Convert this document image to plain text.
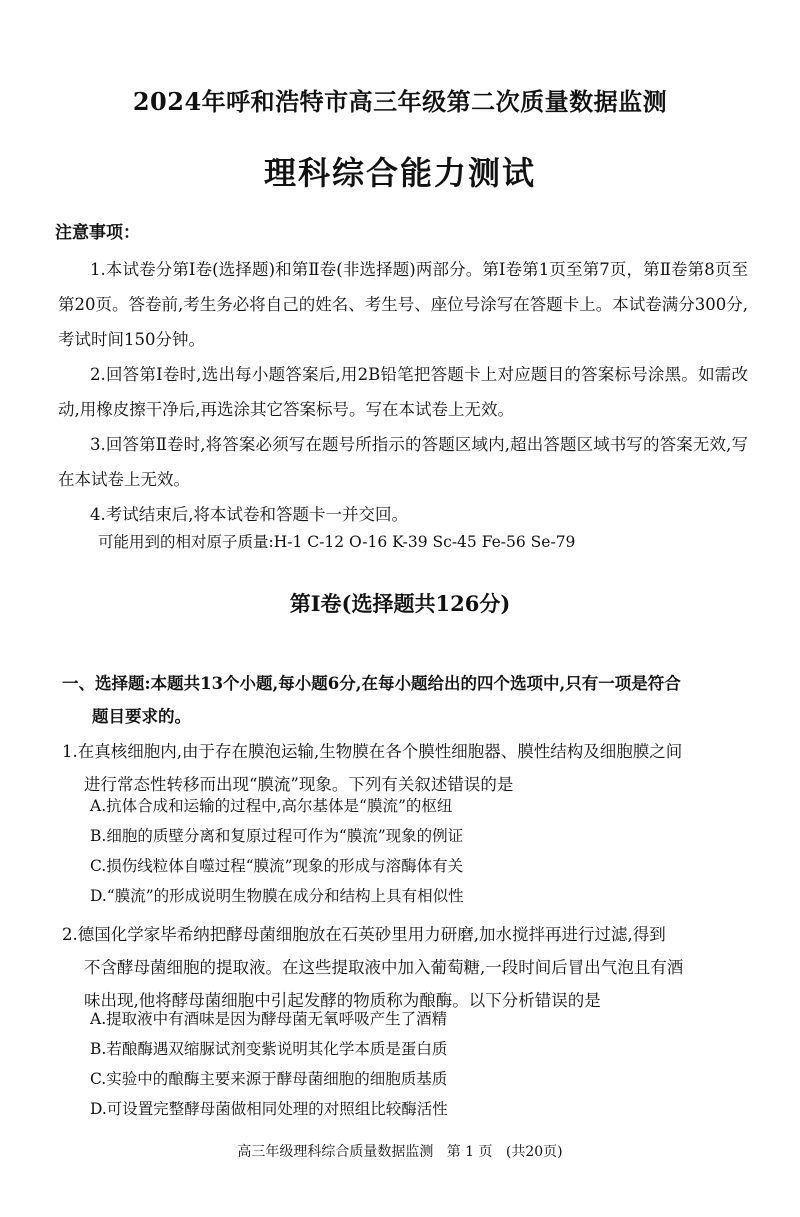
2024年呼和浩特市高三年级第二次质量数据监测
理科综合能力测试
注意事项：
1.本试卷分第Ⅰ卷(选择题)和第Ⅱ卷(非选择题)两部分。第Ⅰ卷第1页至第7页，第Ⅱ卷第8页至第20页。答卷前,考生务必将自己的姓名、考生号、座位号涂写在答题卡上。本试卷满分300分,考试时间150分钟。
2.回答第Ⅰ卷时,选出每小题答案后,用2B铅笔把答题卡上对应题目的答案标号涂黑。如需改动,用橡皮擦干净后,再选涂其它答案标号。写在本试卷上无效。
3.回答第Ⅱ卷时,将答案必须写在题号所指示的答题区域内,超出答题区域书写的答案无效,写在本试卷上无效。
4.考试结束后,将本试卷和答题卡一并交回。
可能用到的相对原子质量:H-1 C-12 O-16 K-39 Sc-45 Fe-56 Se-79
第Ⅰ卷(选择题共126分)
一、选择题:本题共13个小题,每小题6分,在每小题给出的四个选项中,只有一项是符合
题目要求的。
1.在真核细胞内,由于存在膜泡运输,生物膜在各个膜性细胞器、膜性结构及细胞膜之间
进行常态性转移而出现“膜流”现象。下列有关叙述错误的是
A.抗体合成和运输的过程中,高尔基体是“膜流”的枢纽
B.细胞的质壁分离和复原过程可作为“膜流”现象的例证
C.损伤线粒体自噬过程“膜流”现象的形成与溶酶体有关
D.“膜流”的形成说明生物膜在成分和结构上具有相似性
2.德国化学家毕希纳把酵母菌细胞放在石英砂里用力研磨,加水搅拌再进行过滤,得到
不含酵母菌细胞的提取液。在这些提取液中加入葡萄糖,一段时间后冒出气泡且有酒
味出现,他将酵母菌细胞中引起发酵的物质称为酿酶。以下分析错误的是
A.提取液中有酒味是因为酵母菌无氧呼吸产生了酒精
B.若酿酶遇双缩脲试剂变紫说明其化学本质是蛋白质
C.实验中的酿酶主要来源于酵母菌细胞的细胞质基质
D.可设置完整酵母菌做相同处理的对照组比较酶活性
高三年级理科综合质量数据监测   第 1 页   (共20页)
